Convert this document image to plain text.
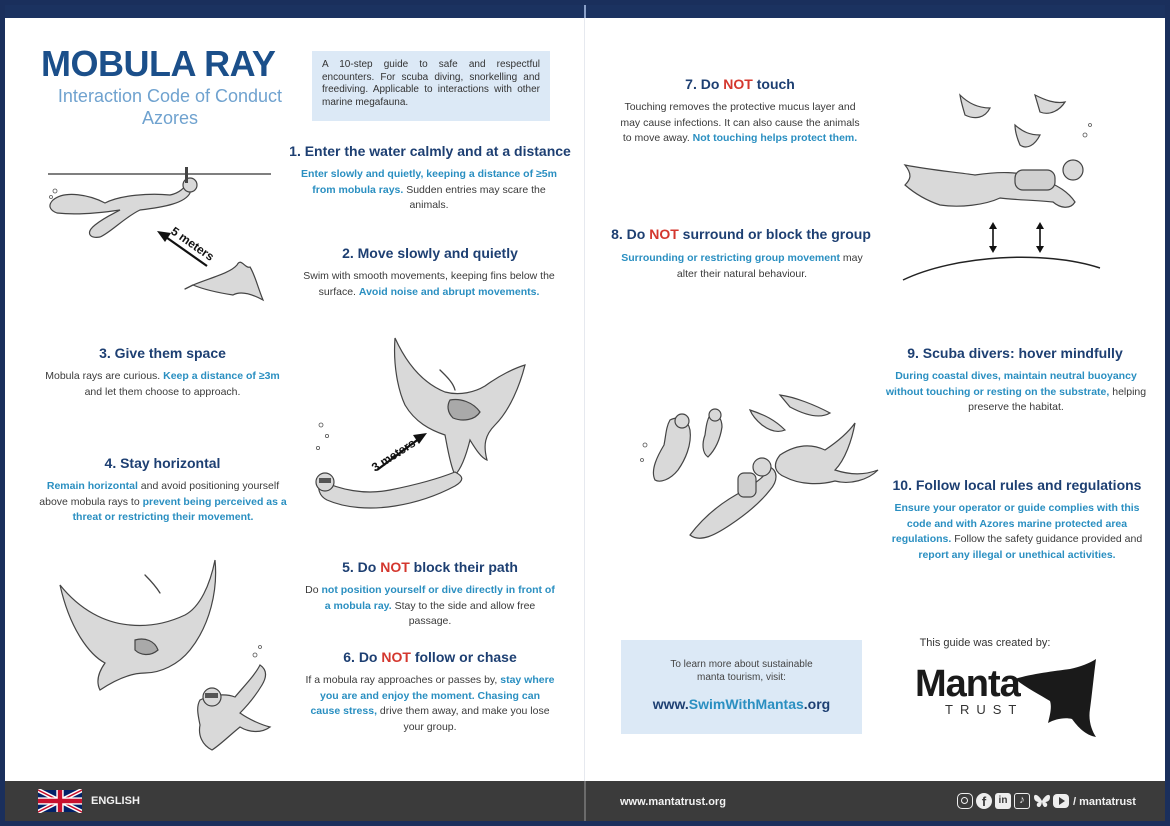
MOBULA RAY
Interaction Code of Conduct
Azores
A 10-step guide to safe and respectful encounters. For scuba diving, snorkelling and freediving. Applicable to interactions with other marine megafauna.
1. Enter the water calmly and at a distance
Enter slowly and quietly, keeping a distance of ≥5m from mobula rays. Sudden entries may scare the animals.
2. Move slowly and quietly
Swim with smooth movements, keeping fins below the surface. Avoid noise and abrupt movements.
3. Give them space
Mobula rays are curious. Keep a distance of ≥3m and let them choose to approach.
4. Stay horizontal
Remain horizontal and avoid positioning yourself above mobula rays to prevent being perceived as a threat or restricting their movement.
5. Do NOT block their path
Do not position yourself or dive directly in front of a mobula ray. Stay to the side and allow free passage.
6. Do NOT follow or chase
If a mobula ray approaches or passes by, stay where you are and enjoy the moment. Chasing can cause stress, drive them away, and make you lose your group.
7. Do NOT touch
Touching removes the protective mucus layer and may cause infections. It can also cause the animals to move away. Not touching helps protect them.
8. Do NOT surround or block the group
Surrounding or restricting group movement may alter their natural behaviour.
9. Scuba divers: hover mindfully
During coastal dives, maintain neutral buoyancy without touching or resting on the substrate, helping preserve the habitat.
10. Follow local rules and regulations
Ensure your operator or guide complies with this code and with Azores marine protected area regulations. Follow the safety guidance provided and report any illegal or unethical activities.
5 meters
3 meters
To learn more about sustainable
manta tourism, visit:
www.SwimWithMantas.org
This guide was created by:
Manta
TRUST
ENGLISH	www.mantatrust.org	f	in	♪	/ mantatrust
